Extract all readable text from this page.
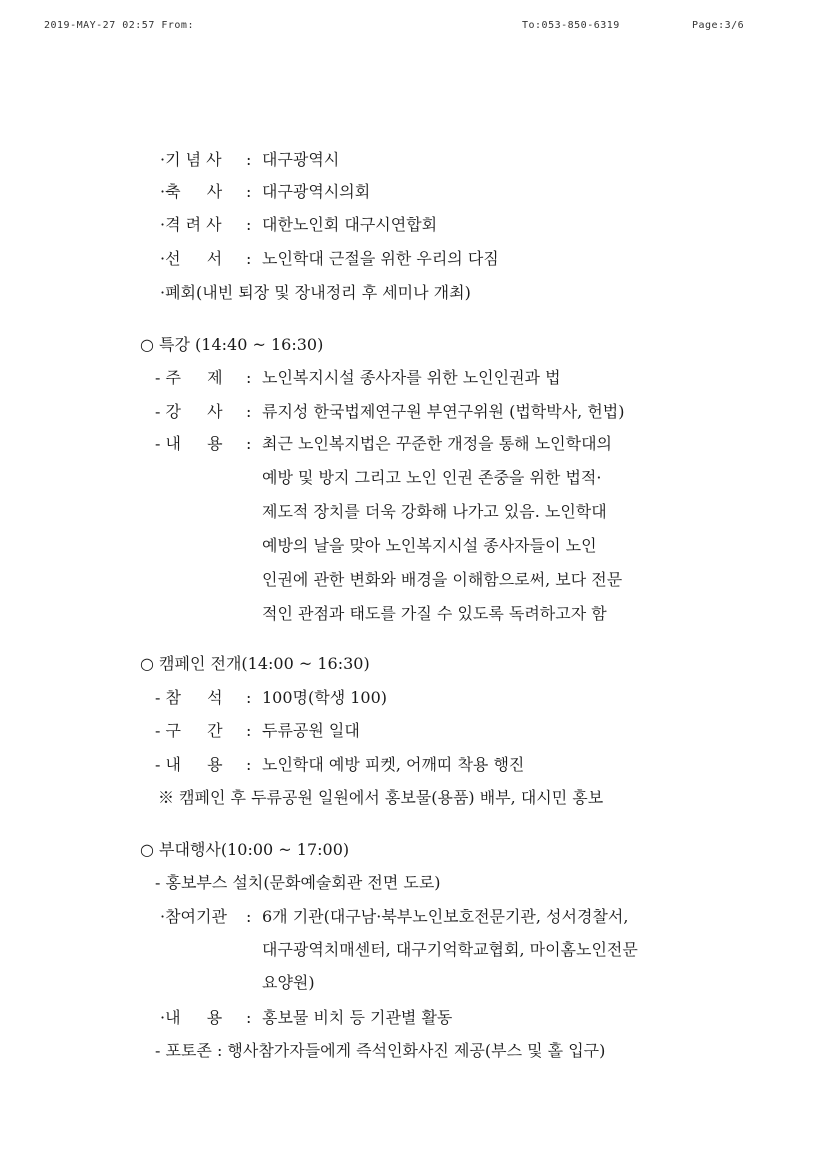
2019-MAY-27 02:57 From:	To:053-850-6319	Page:3/6
·기 념 사 : 대구광역시
·축 　 사 : 대구광역시의회
·격 려 사 : 대한노인회 대구시연합회
·선 　 서 : 노인학대 근절을 위한 우리의 다짐
·폐회(내빈 퇴장 및 장내정리 후 세미나 개최)
○ 특강 (14:40 ~ 16:30)
- 주 　 제 : 노인복지시설 종사자를 위한 노인인권과 법
- 강 　 사 : 류지성 한국법제연구원 부연구위원 (법학박사, 헌법)
- 내 　 용 : 최근 노인복지법은 꾸준한 개정을 통해 노인학대의
예방 및 방지 그리고 노인 인권 존중을 위한 법적·
제도적 장치를 더욱 강화해 나가고 있음. 노인학대
예방의 날을 맞아 노인복지시설 종사자들이 노인
인권에 관한 변화와 배경을 이해함으로써, 보다 전문
적인 관점과 태도를 가질 수 있도록 독려하고자 함
○ 캠페인 전개(14:00 ~ 16:30)
- 참 　 석 : 100명(학생 100)
- 구 　 간 : 두류공원 일대
- 내 　 용 : 노인학대 예방 피켓, 어깨띠 착용 행진
※ 캠페인 후 두류공원 일원에서 홍보물(용품) 배부, 대시민 홍보
○ 부대행사(10:00 ~ 17:00)
- 홍보부스 설치(문화예술회관 전면 도로)
·참여기관 : 6개 기관(대구남·북부노인보호전문기관, 성서경찰서,
대구광역치매센터, 대구기억학교협회, 마이홈노인전문
요양원)
·내 　 용 : 홍보물 비치 등 기관별 활동
- 포토존 : 행사참가자들에게 즉석인화사진 제공(부스 및 홀 입구)
